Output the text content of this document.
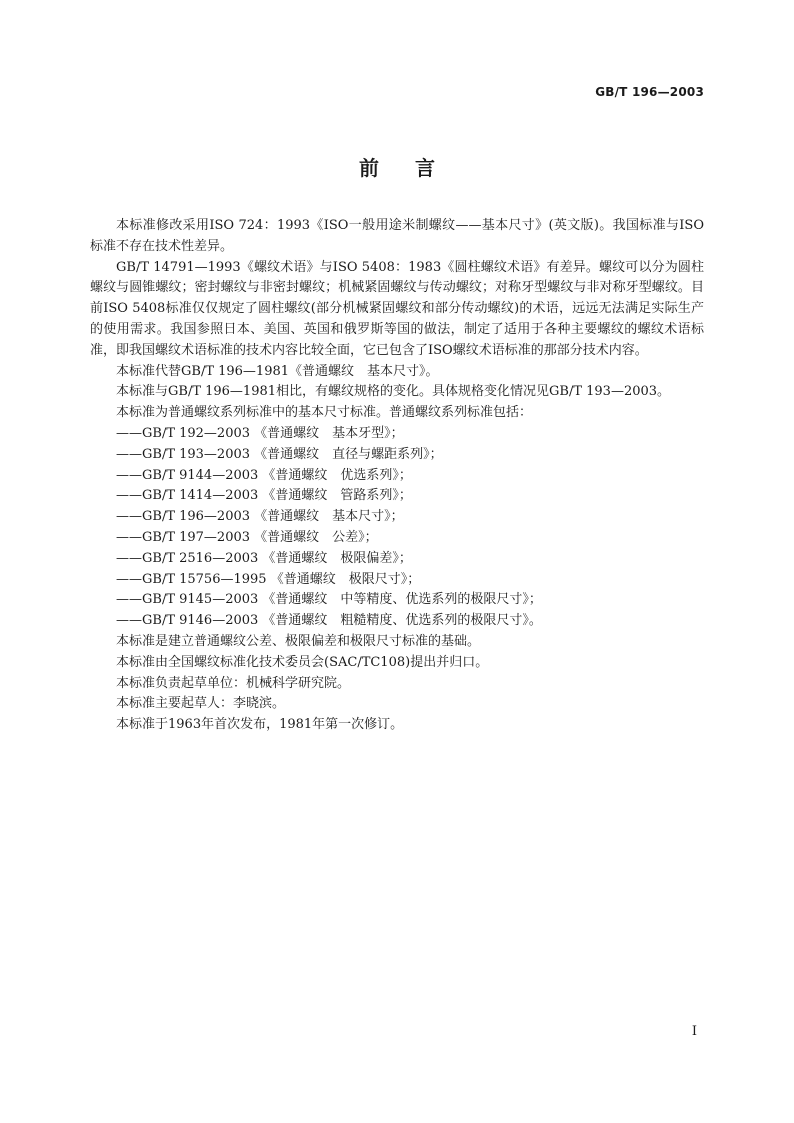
GB/T 196—2003
前言

本标准修改采用ISO 724：1993《ISO一般用途米制螺纹——基本尺寸》(英文版)。我国标准与ISO标准不存在技术性差异。

GB/T 14791—1993《螺纹术语》与ISO 5408：1983《圆柱螺纹术语》有差异。螺纹可以分为圆柱螺纹与圆锥螺纹；密封螺纹与非密封螺纹；机械紧固螺纹与传动螺纹；对称牙型螺纹与非对称牙型螺纹。目前ISO 5408标准仅仅规定了圆柱螺纹(部分机械紧固螺纹和部分传动螺纹)的术语，远远无法满足实际生产的使用需求。我国参照日本、美国、英国和俄罗斯等国的做法，制定了适用于各种主要螺纹的螺纹术语标准，即我国螺纹术语标准的技术内容比较全面，它已包含了ISO螺纹术语标准的那部分技术内容。

本标准代替GB/T 196—1981《普通螺纹　基本尺寸》。

本标准与GB/T 196—1981相比，有螺纹规格的变化。具体规格变化情况见GB/T 193—2003。

本标准为普通螺纹系列标准中的基本尺寸标准。普通螺纹系列标准包括：

——GB/T 192—2003 《普通螺纹　基本牙型》；

——GB/T 193—2003 《普通螺纹　直径与螺距系列》；

——GB/T 9144—2003 《普通螺纹　优选系列》；

——GB/T 1414—2003 《普通螺纹　管路系列》；

——GB/T 196—2003 《普通螺纹　基本尺寸》；

——GB/T 197—2003 《普通螺纹　公差》；

——GB/T 2516—2003 《普通螺纹　极限偏差》；

——GB/T 15756—1995 《普通螺纹　极限尺寸》；

——GB/T 9145—2003 《普通螺纹　中等精度、优选系列的极限尺寸》；

——GB/T 9146—2003 《普通螺纹　粗糙精度、优选系列的极限尺寸》。

本标准是建立普通螺纹公差、极限偏差和极限尺寸标准的基础。

本标准由全国螺纹标准化技术委员会(SAC/TC108)提出并归口。

本标准负责起草单位：机械科学研究院。

本标准主要起草人：李晓滨。

本标准于1963年首次发布，1981年第一次修订。

I
